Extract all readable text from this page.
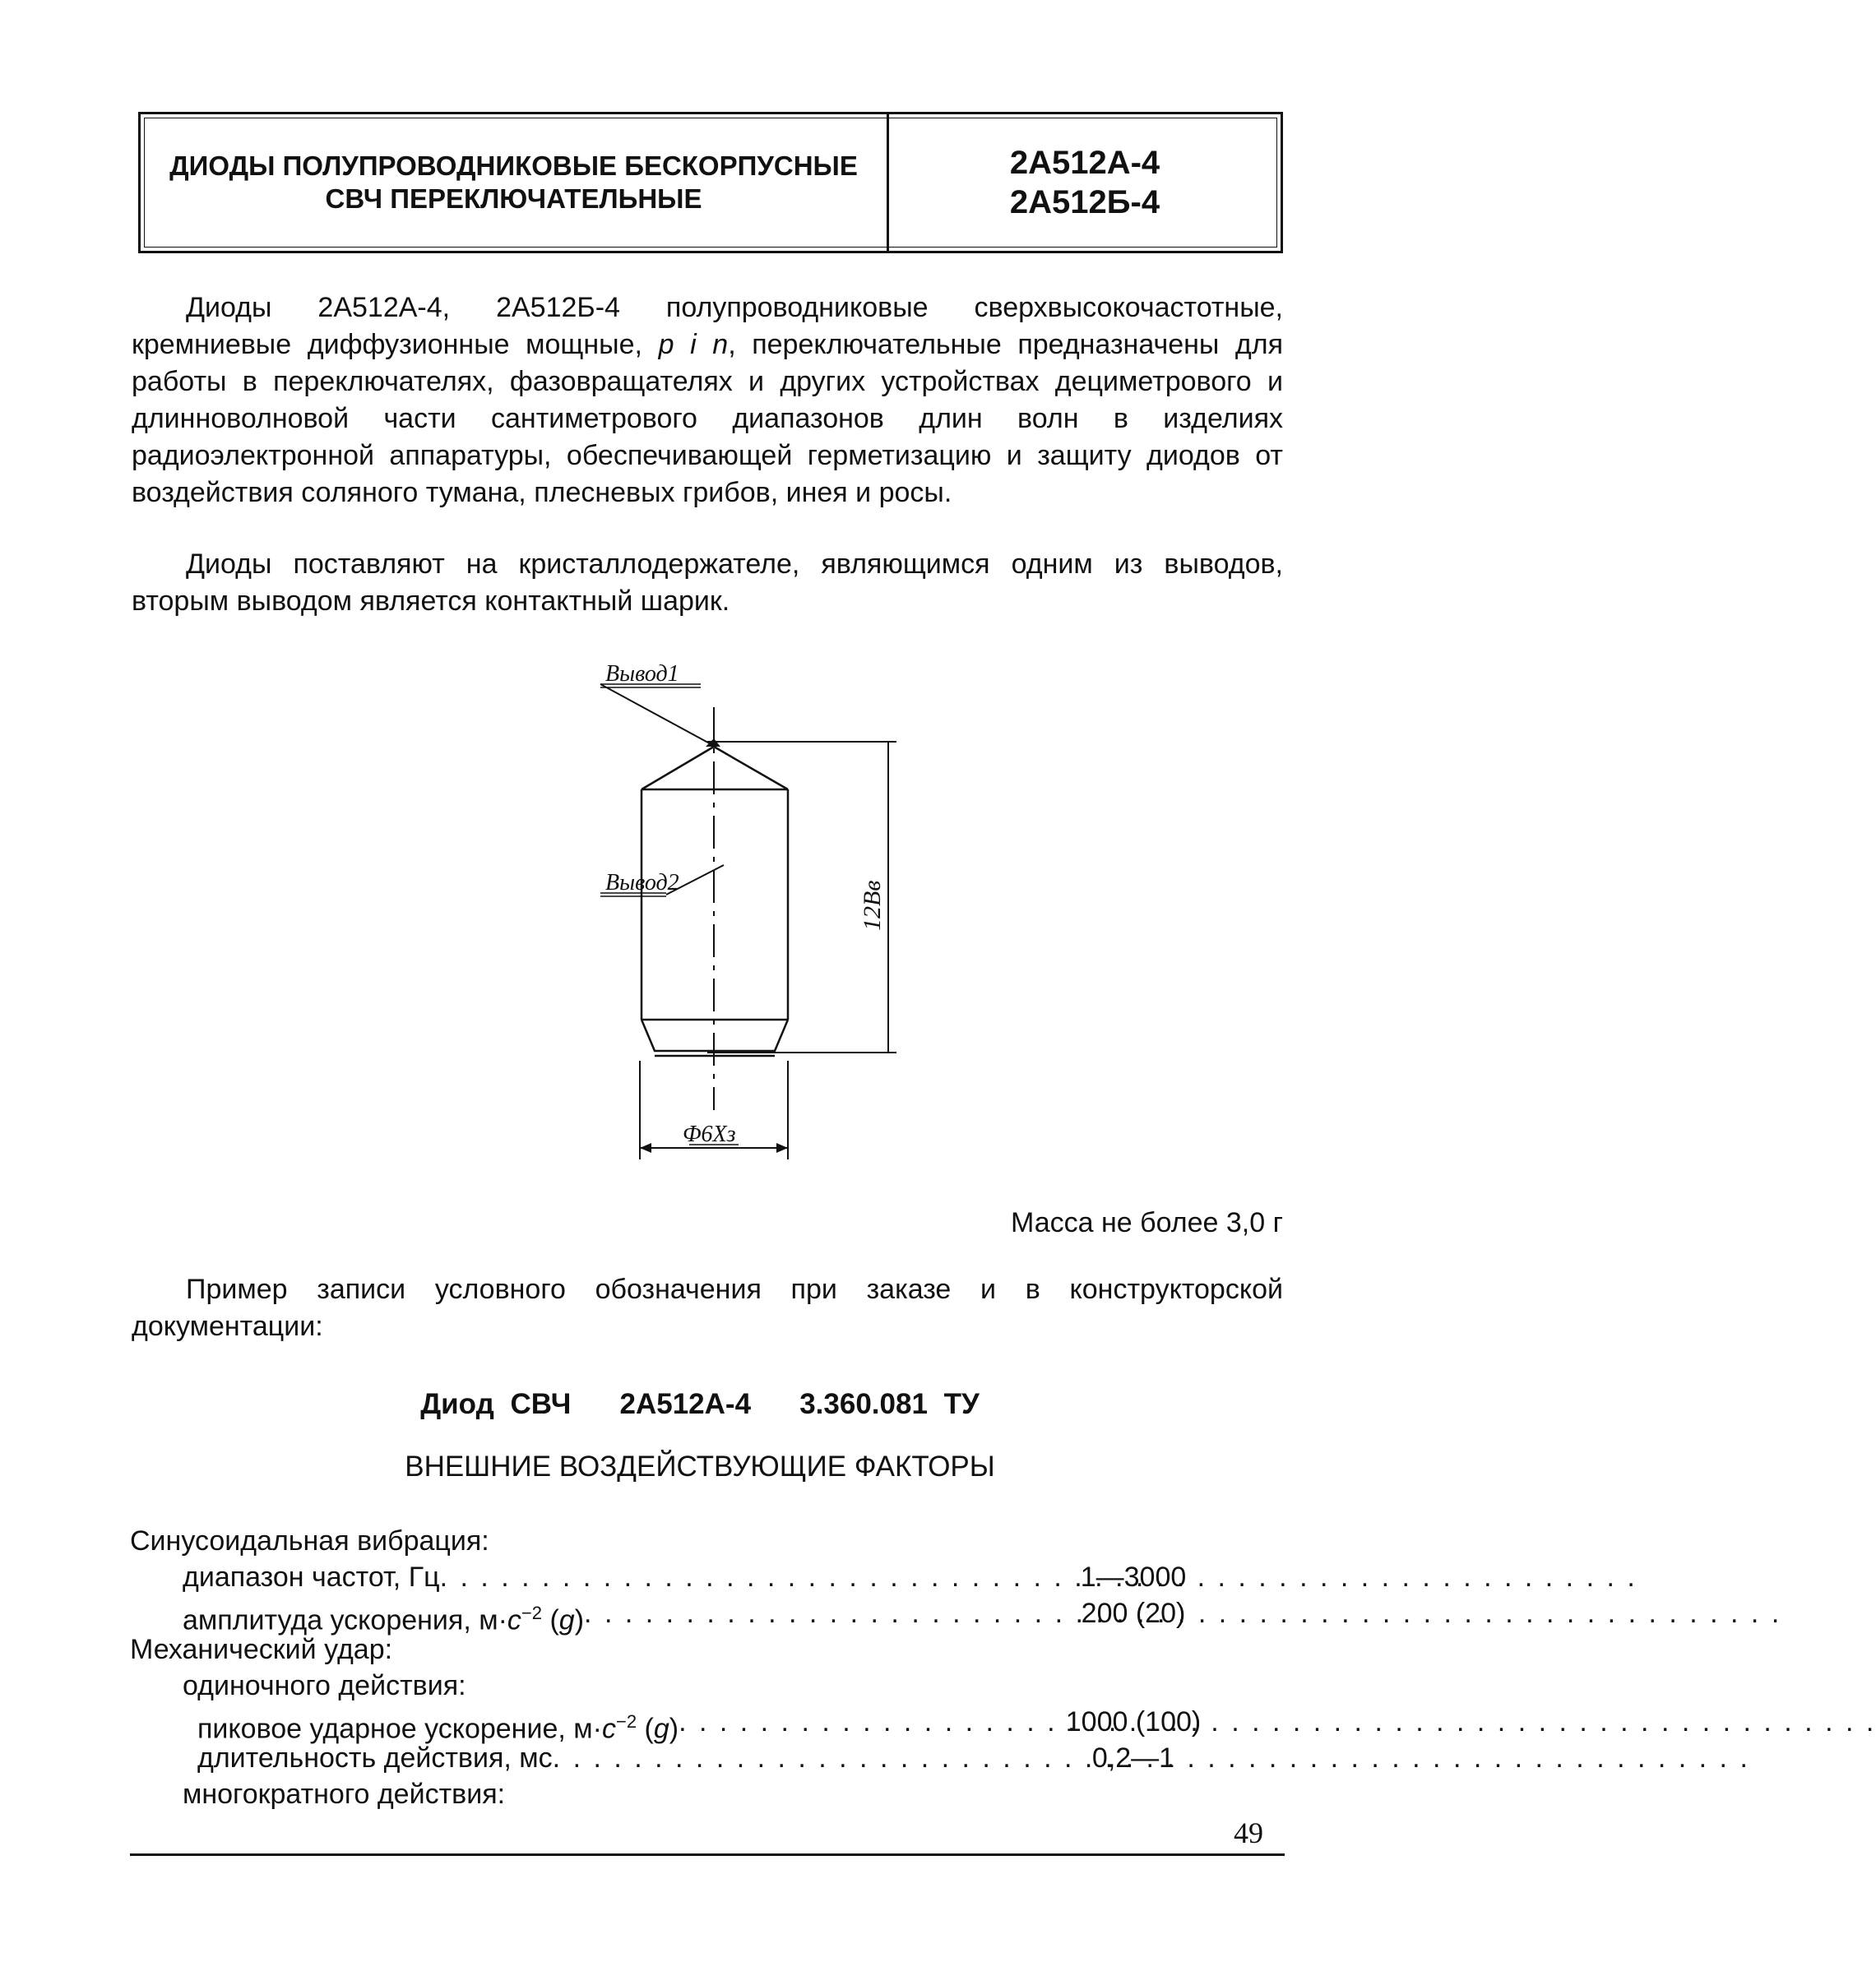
ДИОДЫ ПОЛУПРОВОДНИКОВЫЕ БЕСКОРПУСНЫЕ
СВЧ ПЕРЕКЛЮЧАТЕЛЬНЫЕ
2А512А-4
2А512Б-4

Диоды 2А512А-4, 2А512Б-4 полупроводниковые сверхвысокочастотные, кремниевые диффузионные мощные, p i n, переключательные предназначены для работы в переключателях, фазовращателях и других устройствах дециметрового и длинноволновой части сантиметрового диапазонов длин волн в изделиях радиоэлектронной аппаратуры, обеспечивающей герметизацию и защиту диодов от воздействия соляного тумана, плесневых грибов, инея и росы.

Диоды поставляют на кристаллодержателе, являющимся одним из выводов, вторым выводом является контактный шарик.

Вывод1
Вывод2	12Вв
Ф6Хз
Масса не более 3,0 г

Пример записи условного обозначения при заказе и в конструкторской документации:

Диод СВЧ   2А512А-4   3.360.081 ТУ
ВНЕШНИЕ ВОЗДЕЙСТВУЮЩИЕ ФАКТОРЫ
Синусоидальная вибрация:
диапазон частот, Гц . . .	1—3000
амплитуда ускорения, $м\cdot c^{-2}$ (g) . . .	200 (20)
Механический удар:
одиночного действия:
пиковое ударное ускорение, $м\cdot c^{-2}$ (g) . . .	1000 (100)
длительность действия, мс . . .	0,2—1
многократного действия:
49
